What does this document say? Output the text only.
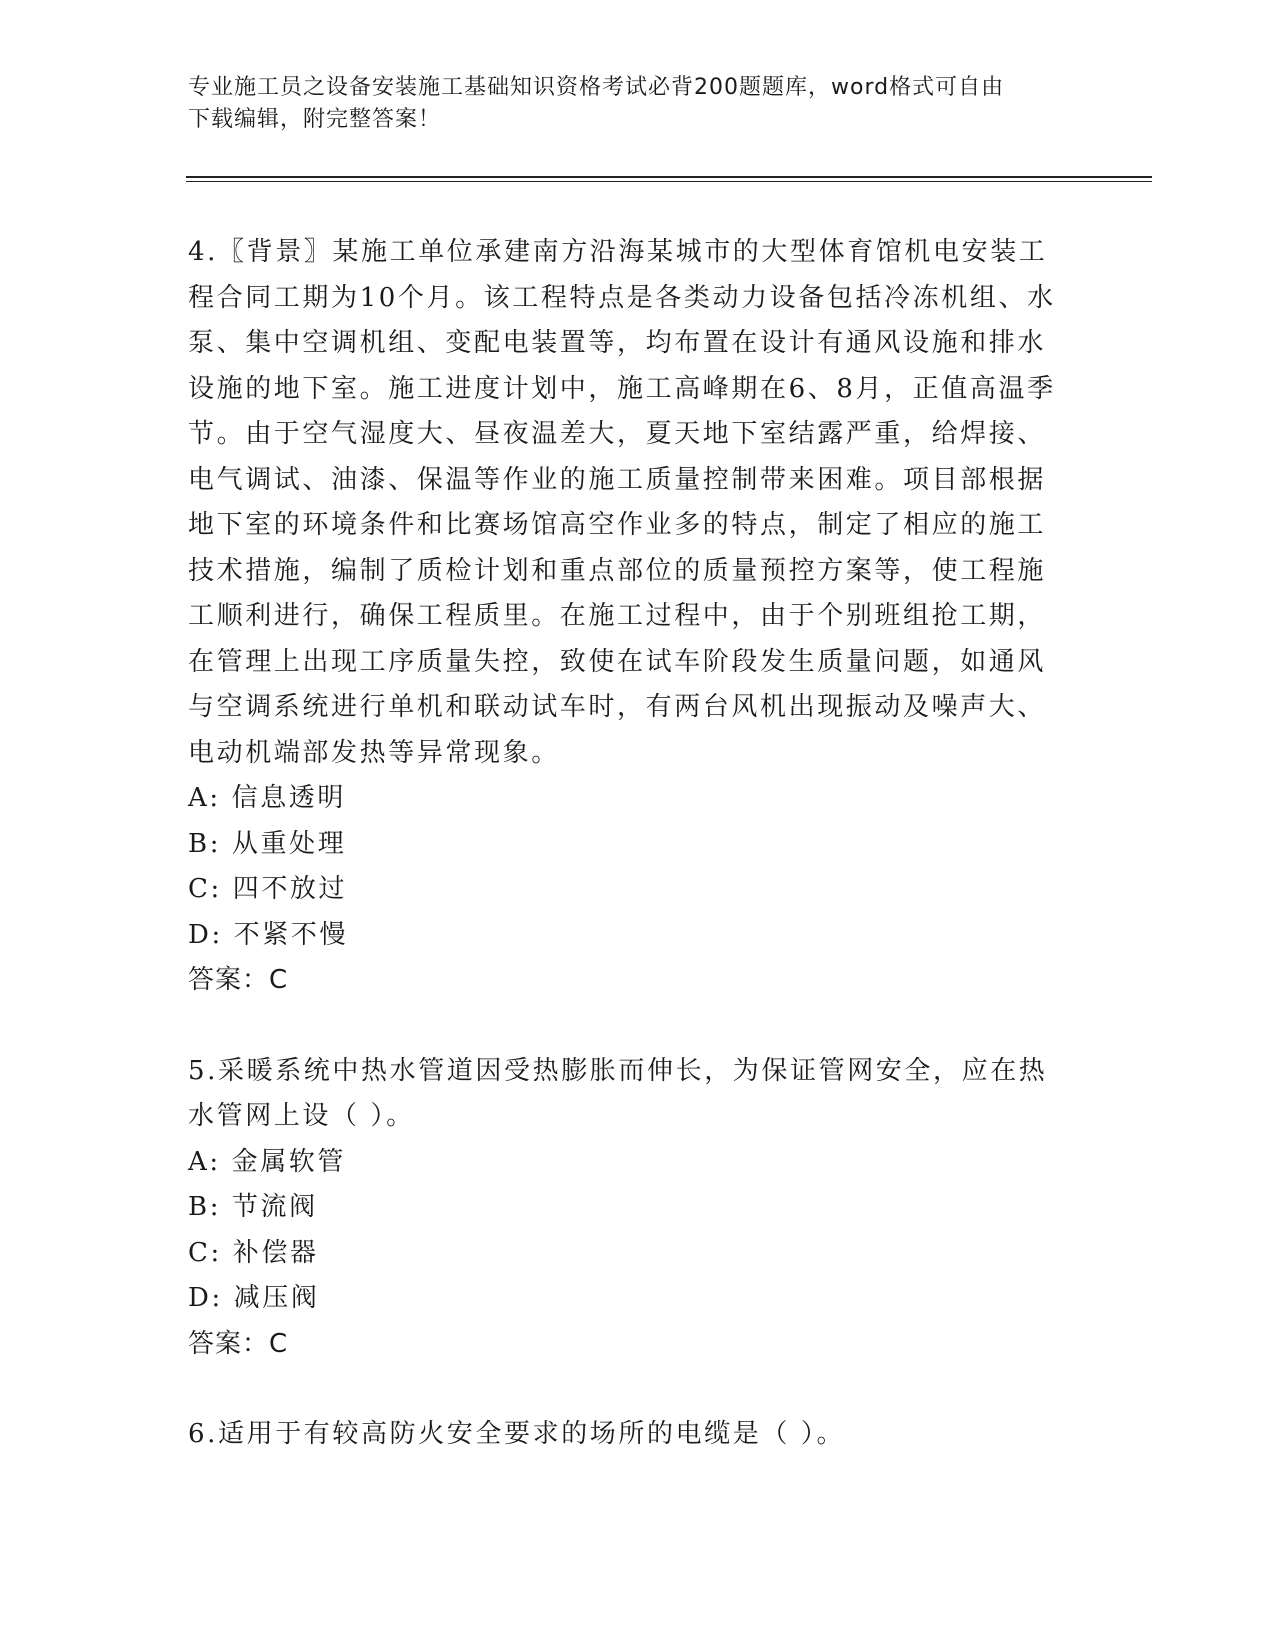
专业施工员之设备安装施工基础知识资格考试必背200题题库，word格式可自由
下载编辑，附完整答案！

4.〖背景〗某施工单位承建南方沿海某城市的大型体育馆机电安装工

程合同工期为10个月。该工程特点是各类动力设备包括冷冻机组、水

泵、集中空调机组、变配电装置等，均布置在设计有通风设施和排水

设施的地下室。施工进度计划中，施工高峰期在6、8月，正值高温季

节。由于空气湿度大、昼夜温差大，夏天地下室结露严重，给焊接、

电气调试、油漆、保温等作业的施工质量控制带来困难。项目部根据

地下室的环境条件和比赛场馆高空作业多的特点，制定了相应的施工

技术措施，编制了质检计划和重点部位的质量预控方案等，使工程施

工顺利进行，确保工程质里。在施工过程中，由于个别班组抢工期，

在管理上出现工序质量失控，致使在试车阶段发生质量问题，如通风

与空调系统进行单机和联动试车时，有两台风机出现振动及噪声大、

电动机端部发热等异常现象。

A: 信息透明

B: 从重处理

C: 四不放过

D: 不紧不慢

答案：C

5.采暖系统中热水管道因受热膨胀而伸长，为保证管网安全，应在热

水管网上设（ ）。

A: 金属软管

B: 节流阀

C: 补偿器

D: 减压阀

答案：C

6.适用于有较高防火安全要求的场所的电缆是（ ）。
